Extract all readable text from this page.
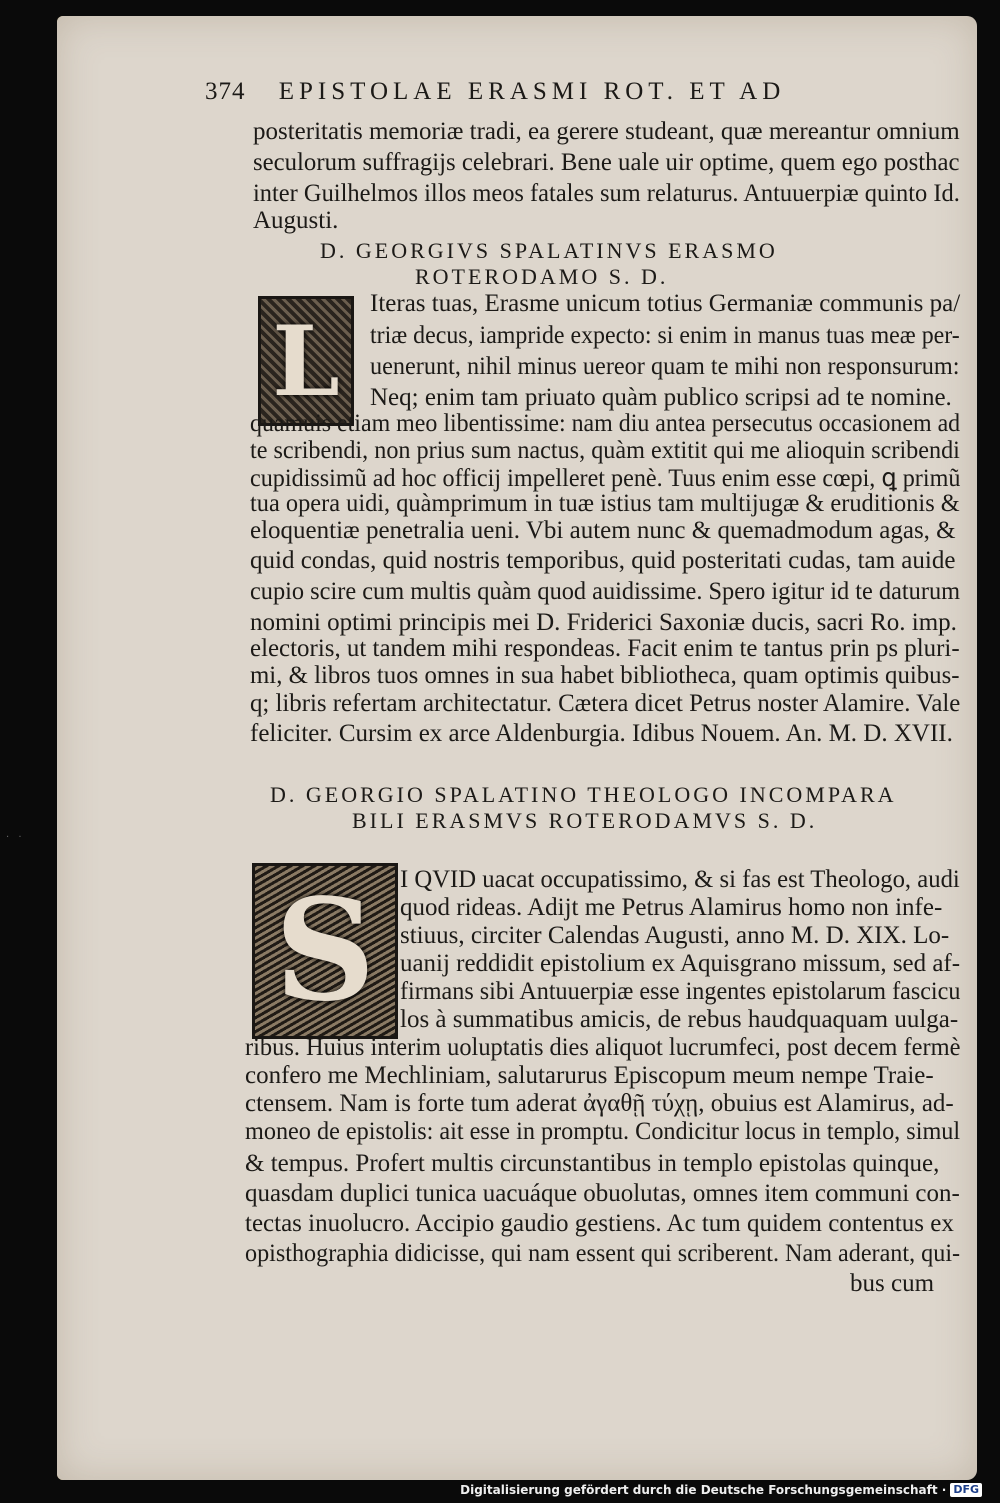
374 EPISTOLAE ERASMI ROT. ET AD
posteritatis memoriæ tradi, ea gerere studeant, quæ mereantur omnium
seculorum suffragijs celebrari. Bene uale uir optime, quem ego posthac
inter Guilhelmos illos meos fatales sum relaturus. Antuuerpiæ quinto Id.
Augusti.
D. GEORGIVS SPALATINVS ERASMO
ROTERODAMO S. D.
L
Iteras tuas, Erasme unicum totius Germaniæ communis pa/
triæ decus, iampride expecto: si enim in manus tuas meæ per-
uenerunt, nihil minus uereor quam te mihi non responsurum:
Neq; enim tam priuato quàm publico scripsi ad te nomine.
quamuis etiam meo libentissime: nam diu antea persecutus occasionem ad
te scribendi, non prius sum nactus, quàm extitit qui me alioquin scribendi
cupidissimũ ad hoc officij impelleret penè. Tuus enim esse cœpi, ꝗ primũ
tua opera uidi, quàmprimum in tuæ istius tam multijugæ & eruditionis &
eloquentiæ penetralia ueni. Vbi autem nunc & quemadmodum agas, &
quid condas, quid nostris temporibus, quid posteritati cudas, tam auide
cupio scire cum multis quàm quod auidissime. Spero igitur id te daturum
nomini optimi principis mei D. Friderici Saxoniæ ducis, sacri Ro. imp.
electoris, ut tandem mihi respondeas. Facit enim te tantus prin ps pluri-
mi, & libros tuos omnes in sua habet bibliotheca, quam optimis quibus-
q; libris refertam architectatur. Cætera dicet Petrus noster Alamire. Vale
feliciter. Cursim ex arce Aldenburgia. Idibus Nouem. An. M. D. XVII.
D. GEORGIO SPALATINO THEOLOGO INCOMPARA
BILI ERASMVS ROTERODAMVS S. D.
S I QVID uacat occupatissimo, & si fas est Theologo, audi
quod rideas. Adijt me Petrus Alamirus homo non infe-
stiuus, circiter Calendas Augusti, anno M. D. XIX. Lo-
uanij reddidit epistolium ex Aquisgrano missum, sed af-
firmans sibi Antuuerpiæ esse ingentes epistolarum fascicu
los à summatibus amicis, de rebus haudquaquam uulga-
ribus. Huius interim uoluptatis dies aliquot lucrumfeci, post decem fermè
confero me Mechliniam, salutarurus Episcopum meum nempe Traie-
ctensem. Nam is forte tum aderat ἀγαθῇ τύχῃ, obuius est Alamirus, ad-
moneo de epistolis: ait esse in promptu. Condicitur locus in templo, simul
& tempus. Profert multis circunstantibus in templo epistolas quinque,
quasdam duplici tunica uacuáque obuolutas, omnes item communi con-
tectas inuolucro. Accipio gaudio gestiens. Ac tum quidem contentus ex
opisthographia didicisse, qui nam essent qui scriberent. Nam aderant, qui-
bus cum
· ·
Digitalisierung gefördert durch die Deutsche Forschungsgemeinschaft · DFG
